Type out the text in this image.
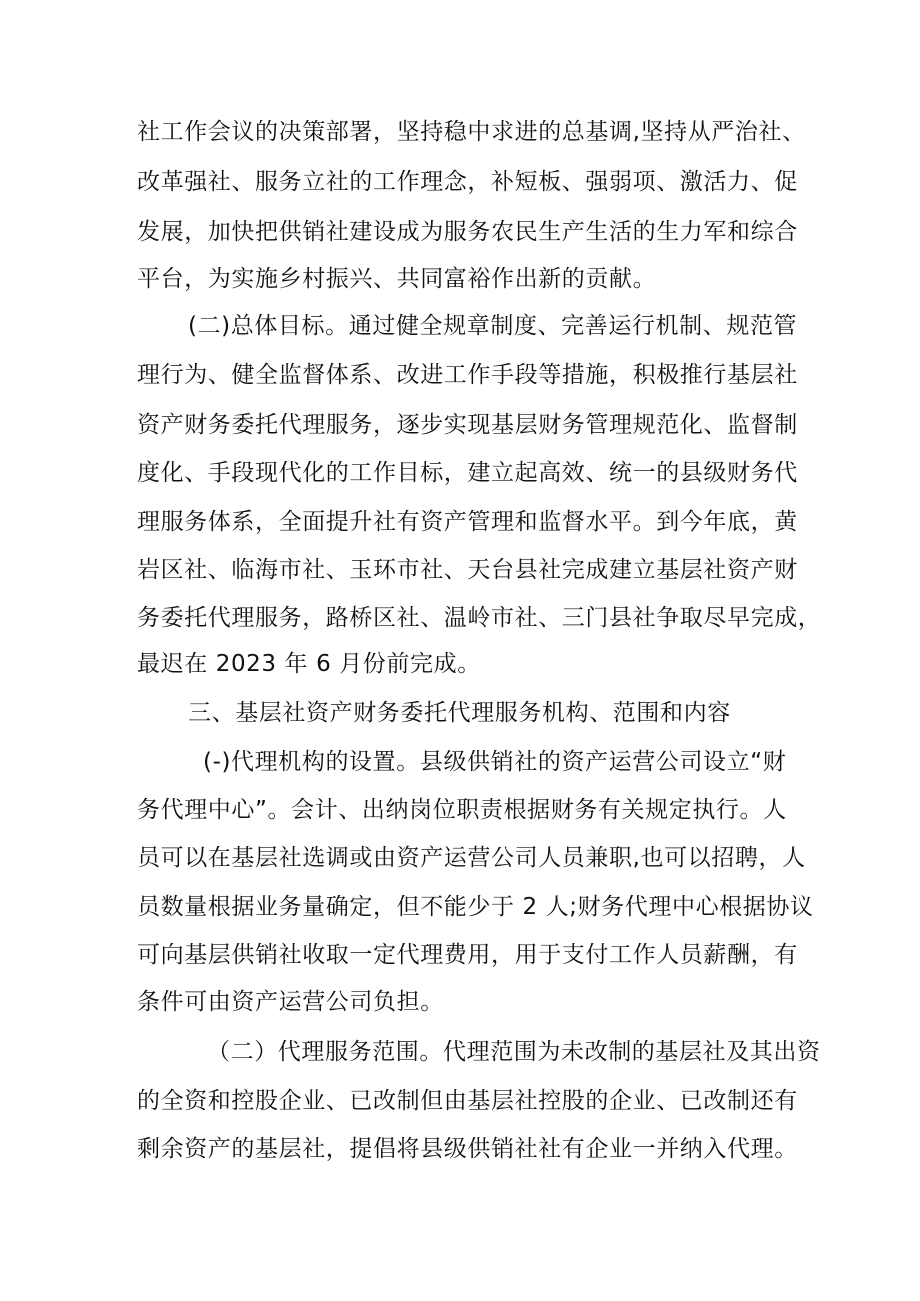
社工作会议的决策部署，坚持稳中求进的总基调,坚持从严治社、
改革强社、服务立社的工作理念，补短板、强弱项、激活力、促
发展，加快把供销社建设成为服务农民生产生活的生力军和综合
平台，为实施乡村振兴、共同富裕作出新的贡献。
(二)总体目标。通过健全规章制度、完善运行机制、规范管
理行为、健全监督体系、改进工作手段等措施，积极推行基层社
资产财务委托代理服务，逐步实现基层财务管理规范化、监督制
度化、手段现代化的工作目标，建立起高效、统一的县级财务代
理服务体系，全面提升社有资产管理和监督水平。到今年底，黄
岩区社、临海市社、玉环市社、天台县社完成建立基层社资产财
务委托代理服务，路桥区社、温岭市社、三门县社争取尽早完成，
最迟在 2023 年 6 月份前完成。
三、基层社资产财务委托代理服务机构、范围和内容
(-)代理机构的设置。县级供销社的资产运营公司设立“财
务代理中心”。会计、出纳岗位职责根据财务有关规定执行。人
员可以在基层社选调或由资产运营公司人员兼职,也可以招聘，人
员数量根据业务量确定，但不能少于 2 人;财务代理中心根据协议
可向基层供销社收取一定代理费用，用于支付工作人员薪酬，有
条件可由资产运营公司负担。
（二）代理服务范围。代理范围为未改制的基层社及其出资
的全资和控股企业、已改制但由基层社控股的企业、已改制还有
剩余资产的基层社，提倡将县级供销社社有企业一并纳入代理。
